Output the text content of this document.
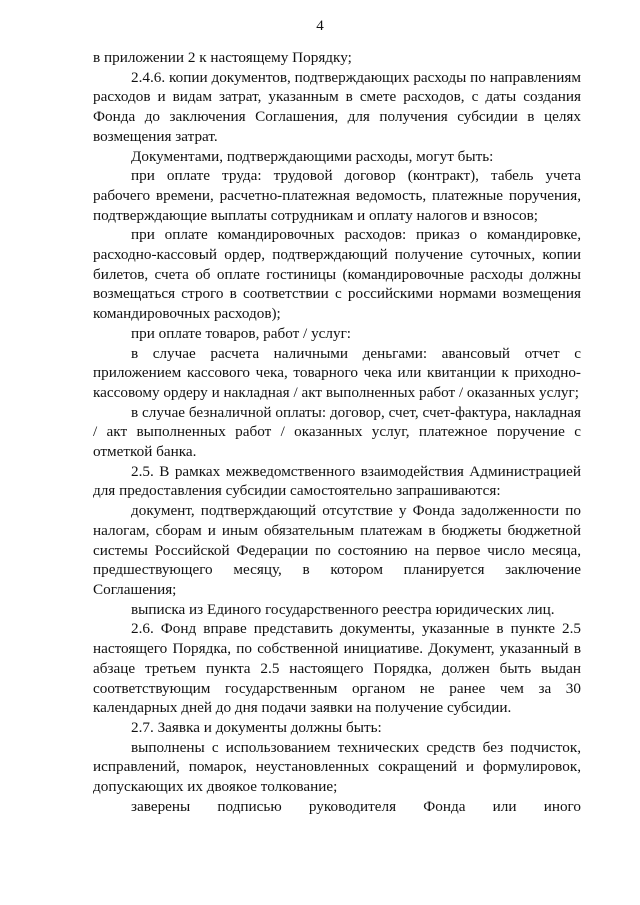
4

в приложении 2 к настоящему Порядку;

2.4.6. копии документов, подтверждающих расходы по направлениям расходов и видам затрат, указанным в смете расходов, с даты создания Фонда до заключения Соглашения, для получения субсидии в целях возмещения затрат.

Документами, подтверждающими расходы, могут быть:

при оплате труда: трудовой договор (контракт), табель учета рабочего времени, расчетно-платежная ведомость, платежные поручения, подтверждающие выплаты сотрудникам и оплату налогов и взносов;

при оплате командировочных расходов: приказ о командировке, расходно-кассовый ордер, подтверждающий получение суточных, копии билетов, счета об оплате гостиницы (командировочные расходы должны возмещаться строго в соответствии с российскими нормами возмещения командировочных расходов);

при оплате товаров, работ / услуг:

в случае расчета наличными деньгами: авансовый отчет с приложением кассового чека, товарного чека или квитанции к приходно-кассовому ордеру и накладная / акт выполненных работ / оказанных услуг;

в случае безналичной оплаты: договор, счет, счет-фактура, накладная / акт выполненных работ / оказанных услуг, платежное поручение с отметкой банка.

2.5. В рамках межведомственного взаимодействия Администрацией для предоставления субсидии самостоятельно запрашиваются:

документ, подтверждающий отсутствие у Фонда задолженности по налогам, сборам и иным обязательным платежам в бюджеты бюджетной системы Российской Федерации по состоянию на первое число месяца, предшествующего месяцу, в котором планируется заключение Соглашения;

выписка из Единого государственного реестра юридических лиц.

2.6. Фонд вправе представить документы, указанные в пункте 2.5 настоящего Порядка, по собственной инициативе. Документ, указанный в абзаце третьем пункта 2.5 настоящего Порядка, должен быть выдан соответствующим государственным органом не ранее чем за 30 календарных дней до дня подачи заявки на получение субсидии.

2.7. Заявка и документы должны быть:

выполнены с использованием технических средств без подчисток, исправлений, помарок, неустановленных сокращений и формулировок, допускающих их двоякое толкование;

заверены подписью руководителя Фонда или иного
